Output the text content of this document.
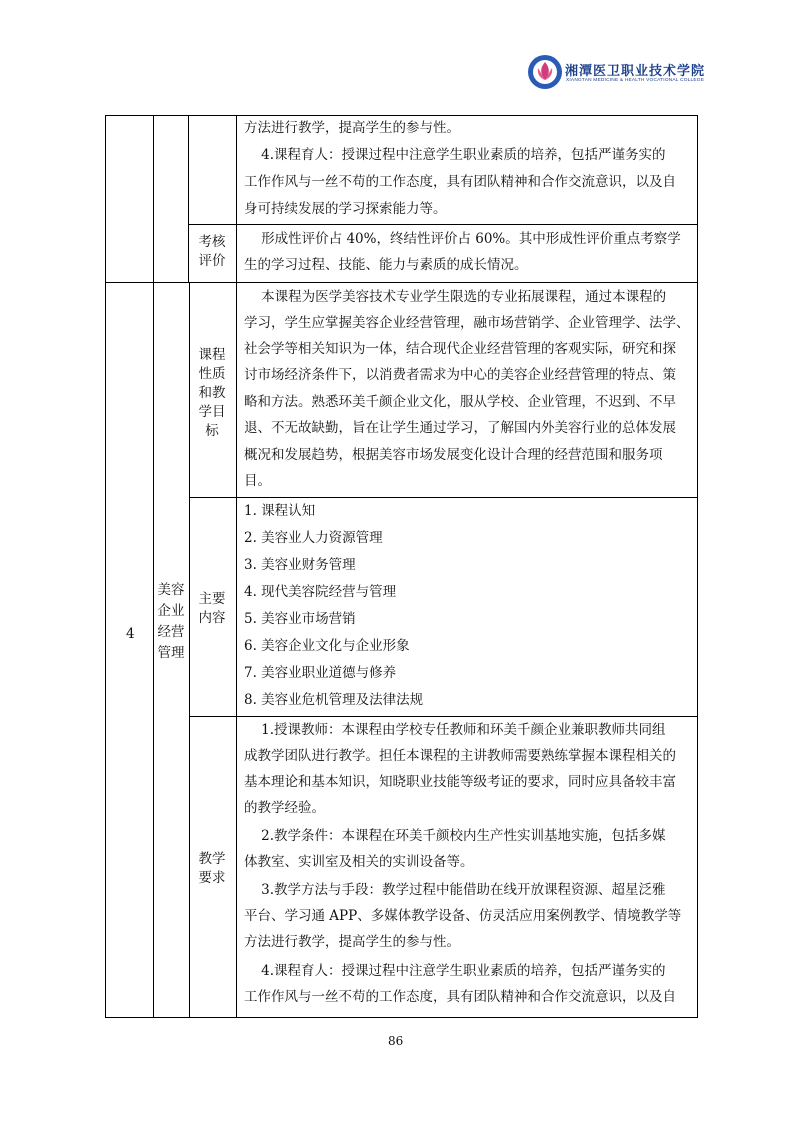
湘潭医卫职业技术学院
XIANGTAN MEDICINE & HEALTH VOCATIONAL COLLEGE
方法进行教学，提高学生的参与性。
4.课程育人：授课过程中注意学生职业素质的培养，包括严谨务实的
工作作风与一丝不苟的工作态度，具有团队精神和合作交流意识，以及自
身可持续发展的学习探索能力等。
考核评价
形成性评价占 40%，终结性评价占 60%。其中形成性评价重点考察学
生的学习过程、技能、能力与素质的成长情况。
4
美容企业经营管理
课程性质和教学目标
本课程为医学美容技术专业学生限选的专业拓展课程，通过本课程的
学习，学生应掌握美容企业经营管理，融市场营销学、企业管理学、法学、
社会学等相关知识为一体，结合现代企业经营管理的客观实际，研究和探
讨市场经济条件下，以消费者需求为中心的美容企业经营管理的特点、策
略和方法。熟悉环美千颜企业文化，服从学校、企业管理，不迟到、不早
退、不无故缺勤，旨在让学生通过学习，了解国内外美容行业的总体发展
概况和发展趋势，根据美容市场发展变化设计合理的经营范围和服务项
目。
主要内容
1. 课程认知
2. 美容业人力资源管理
3. 美容业财务管理
4. 现代美容院经营与管理
5. 美容业市场营销
6. 美容企业文化与企业形象
7. 美容业职业道德与修养
8. 美容业危机管理及法律法规
教学要求
1.授课教师：本课程由学校专任教师和环美千颜企业兼职教师共同组
成教学团队进行教学。担任本课程的主讲教师需要熟练掌握本课程相关的
基本理论和基本知识，知晓职业技能等级考证的要求，同时应具备较丰富
的教学经验。
2.教学条件：本课程在环美千颜校内生产性实训基地实施，包括多媒
体教室、实训室及相关的实训设备等。
3.教学方法与手段：教学过程中能借助在线开放课程资源、超星泛雅
平台、学习通 APP、多媒体教学设备、仿灵活应用案例教学、情境教学等
方法进行教学，提高学生的参与性。
4.课程育人：授课过程中注意学生职业素质的培养，包括严谨务实的
工作作风与一丝不苟的工作态度，具有团队精神和合作交流意识，以及自
86
